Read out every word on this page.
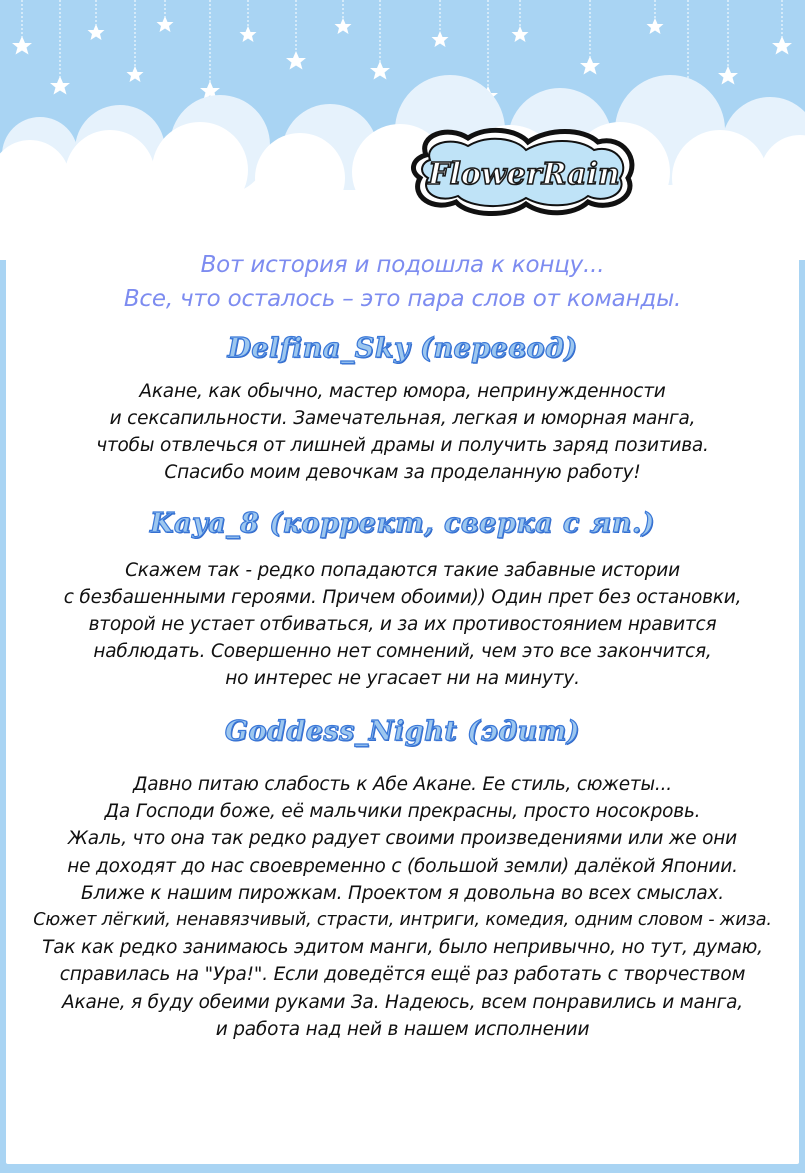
FlowerRain

Вот история и подошла к концу...
Все, что осталось – это пара слов от команды.

Delfina_Sky (перевод)

Акане, как обычно, мастер юмора, непринужденности
и сексапильности. Замечательная, легкая и юморная манга,
чтобы отвлечься от лишней драмы и получить заряд позитива.
Спасибо моим девочкам за проделанную работу!

Kaya_8 (коррект, сверка с яп.)

Скажем так - редко попадаются такие забавные истории
с безбашенными героями. Причем обоими)) Один прет без остановки,
второй не устает отбиваться, и за их противостоянием нравится
наблюдать. Совершенно нет сомнений, чем это все закончится,
но интерес не угасает ни на минуту.

Goddess_Night (эдит)

Давно питаю слабость к Абе Акане. Ее стиль, сюжеты...
Да Господи боже, её мальчики прекрасны, просто носокровь.
Жаль, что она так редко радует своими произведениями или же они
не доходят до нас своевременно с (большой земли) далёкой Японии.
Ближе к нашим пирожкам. Проектом я довольна во всех смыслах.
Сюжет лёгкий, ненавязчивый, страсти, интриги, комедия, одним словом - жиза.
Так как редко занимаюсь эдитом манги, было непривычно, но тут, думаю,
справилась на "Ура!". Если доведётся ещё раз работать с творчеством
Акане, я буду обеими руками За. Надеюсь, всем понравились и манга,
и работа над ней в нашем исполнении
